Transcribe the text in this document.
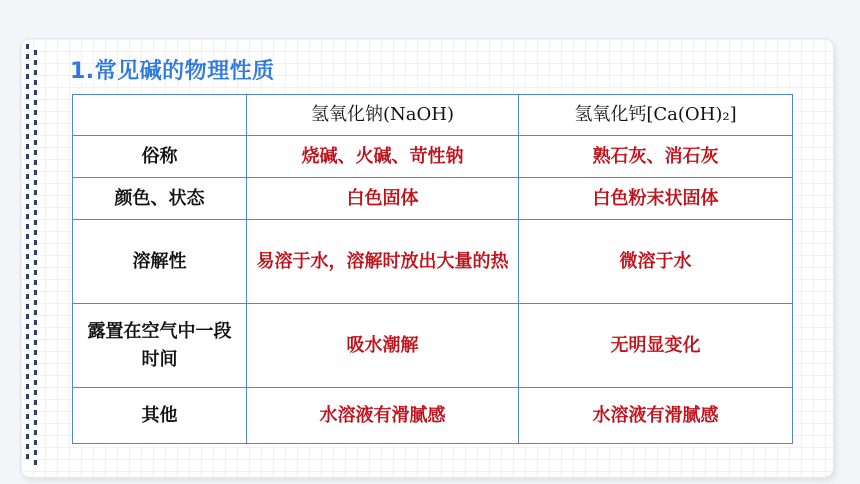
1.常见碱的物理性质
	氢氧化钠(NaOH)	氢氧化钙[Ca(OH)₂]
俗称	烧碱、火碱、苛性钠	熟石灰、消石灰
颜色、状态	白色固体	白色粉末状固体
溶解性	易溶于水，溶解时放出大量的热	微溶于水
露置在空气中一段时间	吸水潮解	无明显变化
其他	水溶液有滑腻感	水溶液有滑腻感
